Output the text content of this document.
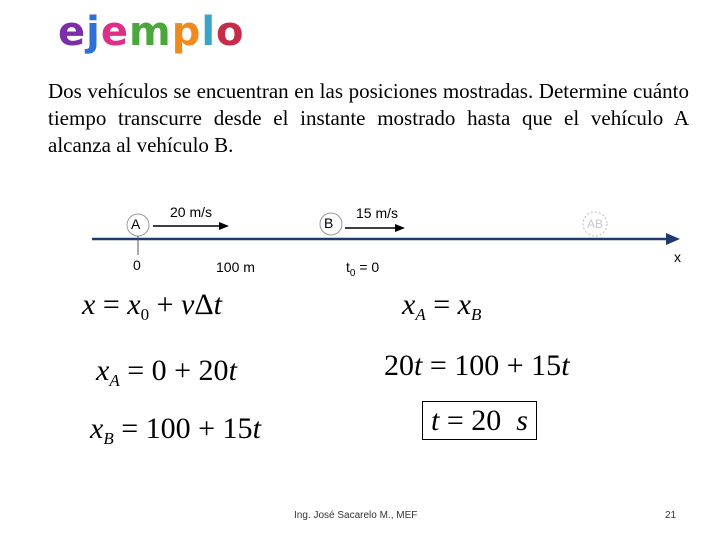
ejemplo
Dos vehículos se encuentran en las posiciones mostradas. Determine cuánto tiempo transcurre desde el instante mostrado hasta que el vehículo A alcanza al vehículo B.
A	B	AB
20 m/s	15 m/s
0	100 m	$t_0 = 0$
x
$x = x_0 + v\Delta t$
$x_A = 0 + 20t$
$x_B = 100 + 15t$
$x_A = x_B$
20t = 100 + 15t
t = 20  s
Ing. José Sacarelo M., MEF	21
